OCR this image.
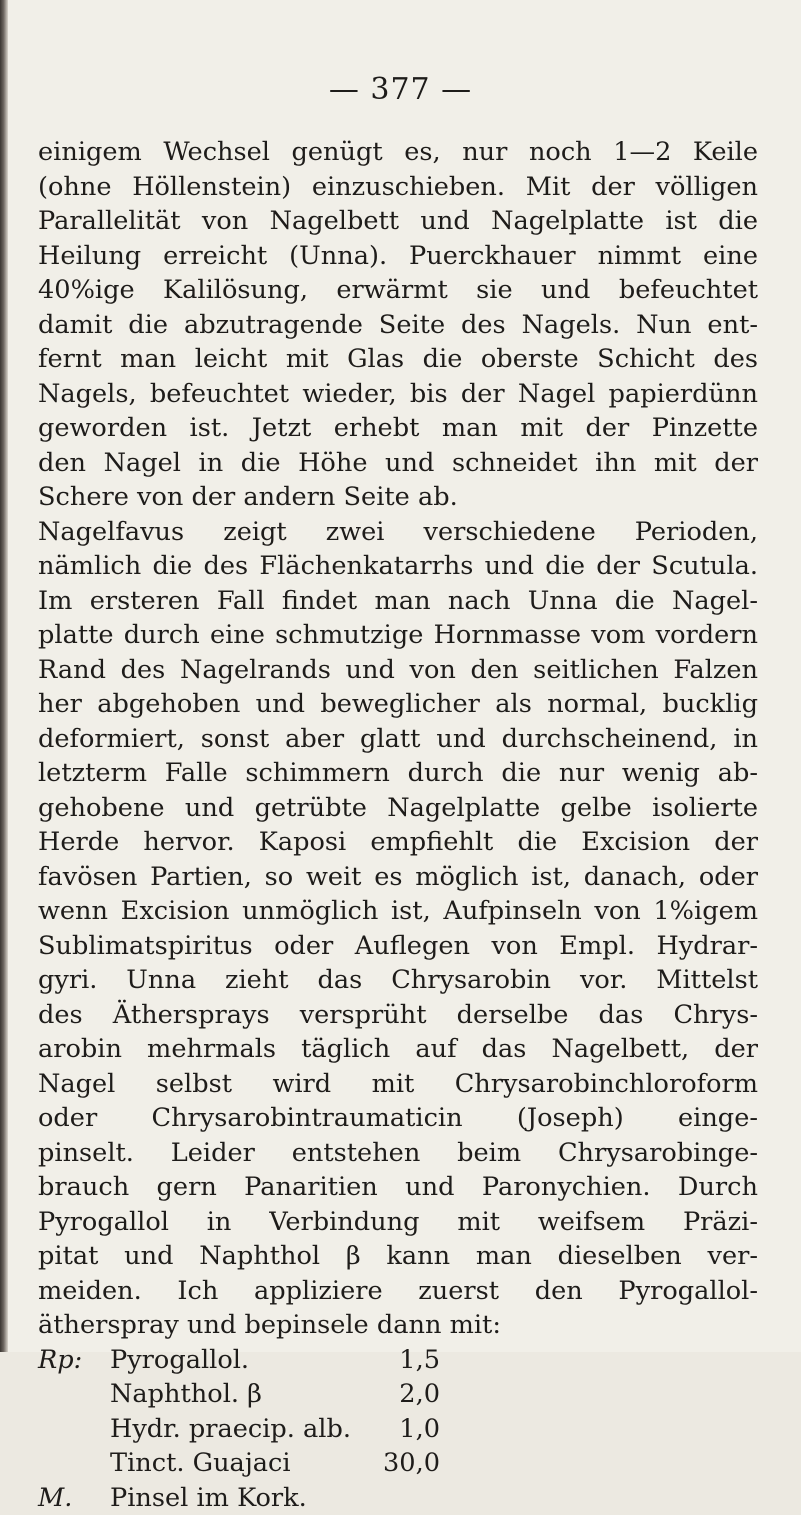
— 377 —
einigem Wechsel genügt es, nur noch 1—2 Keile
(ohne Höllenstein) einzuschieben. Mit der völligen
Parallelität von Nagelbett und Nagelplatte ist die
Heilung erreicht (Unna). Puerckhauer nimmt eine
40%ige Kalilösung, erwärmt sie und befeuchtet
damit die abzutragende Seite des Nagels. Nun ent-
fernt man leicht mit Glas die oberste Schicht des
Nagels, befeuchtet wieder, bis der Nagel papierdünn
geworden ist. Jetzt erhebt man mit der Pinzette
den Nagel in die Höhe und schneidet ihn mit der
Schere von der andern Seite ab.
Nagelfavus zeigt zwei verschiedene Perioden,
nämlich die des Flächenkatarrhs und die der Scutula.
Im ersteren Fall findet man nach Unna die Nagel-
platte durch eine schmutzige Hornmasse vom vordern
Rand des Nagelrands und von den seitlichen Falzen
her abgehoben und beweglicher als normal, bucklig
deformiert, sonst aber glatt und durchscheinend, in
letzterm Falle schimmern durch die nur wenig ab-
gehobene und getrübte Nagelplatte gelbe isolierte
Herde hervor. Kaposi empfiehlt die Excision der
favösen Partien, so weit es möglich ist, danach, oder
wenn Excision unmöglich ist, Aufpinseln von 1%igem
Sublimatspiritus oder Auflegen von Empl. Hydrar-
gyri. Unna zieht das Chrysarobin vor. Mittelst
des Äthersprays versprüht derselbe das Chrys-
arobin mehrmals täglich auf das Nagelbett, der
Nagel selbst wird mit Chrysarobinchloroform
oder Chrysarobintraumaticin (Joseph) einge-
pinselt. Leider entstehen beim Chrysarobinge-
brauch gern Panaritien und Paronychien. Durch
Pyrogallol in Verbindung mit weifsem Präzi-
pitat und Naphthol β kann man dieselben ver-
meiden. Ich appliziere zuerst den Pyrogallol-
ätherspray und bepinsele dann mit:
Rp:	Pyrogallol.	1,5
Naphthol. β	2,0
Hydr. praecip. alb.	1,0
Tinct. Guajaci	30,0
M.	Pinsel im Kork.
